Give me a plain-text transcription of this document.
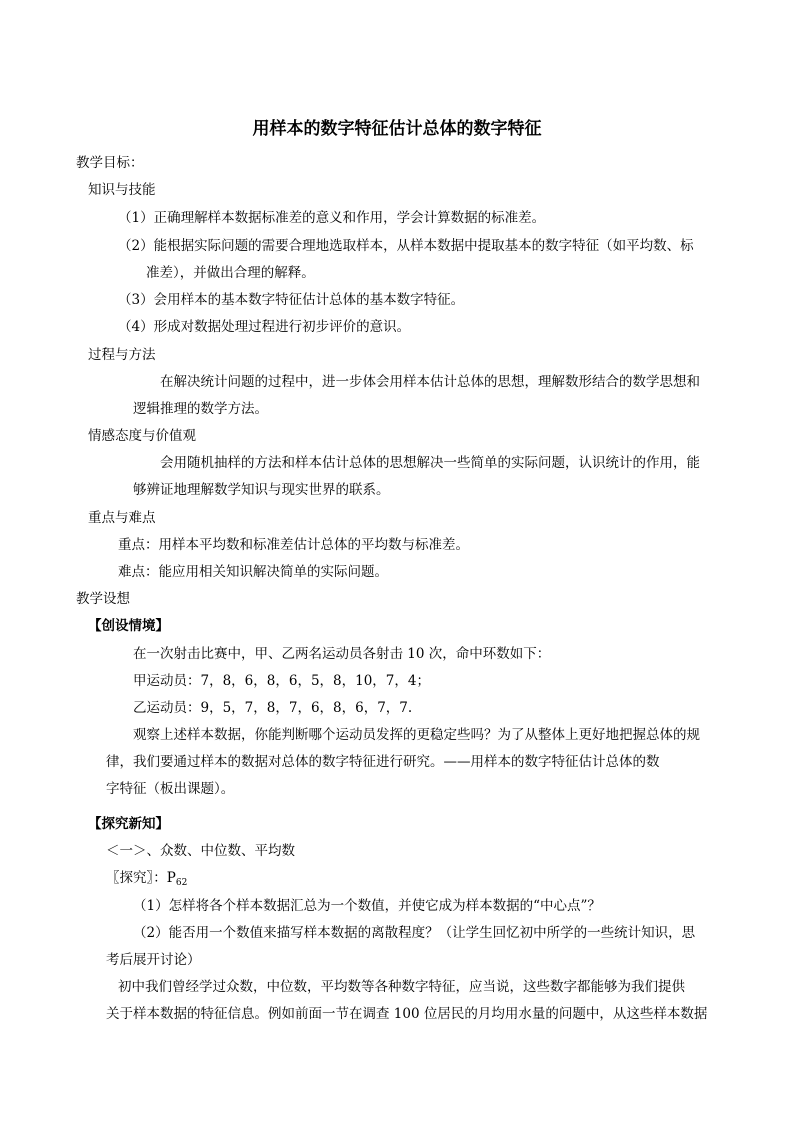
用样本的数字特征估计总体的数字特征
教学目标：
知识与技能
（1）正确理解样本数据标准差的意义和作用，学会计算数据的标准差。
（2）能根据实际问题的需要合理地选取样本，从样本数据中提取基本的数字特征（如平均数、标
准差），并做出合理的解释。
（3）会用样本的基本数字特征估计总体的基本数字特征。
（4）形成对数据处理过程进行初步评价的意识。
过程与方法
在解决统计问题的过程中，进一步体会用样本估计总体的思想，理解数形结合的数学思想和
逻辑推理的数学方法。
情感态度与价值观
会用随机抽样的方法和样本估计总体的思想解决一些简单的实际问题，认识统计的作用，能
够辨证地理解数学知识与现实世界的联系。
重点与难点
重点：用样本平均数和标准差估计总体的平均数与标准差。
难点：能应用相关知识解决简单的实际问题。
教学设想
【创设情境】
在一次射击比赛中，甲、乙两名运动员各射击 10 次，命中环数如下：
甲运动员：7，8，6，8，6，5，8，10，7，4；
乙运动员：9，5，7，8，7，6，8，6，7，7.
观察上述样本数据，你能判断哪个运动员发挥的更稳定些吗？为了从整体上更好地把握总体的规
律，我们要通过样本的数据对总体的数字特征进行研究。——用样本的数字特征估计总体的数
字特征（板出课题）。
【探究新知】
＜一＞、众数、中位数、平均数
〖探究〗：$P_{62}$
（1）怎样将各个样本数据汇总为一个数值，并使它成为样本数据的“中心点”？
（2）能否用一个数值来描写样本数据的离散程度？（让学生回忆初中所学的一些统计知识，思
考后展开讨论）
初中我们曾经学过众数，中位数，平均数等各种数字特征，应当说，这些数字都能够为我们提供
关于样本数据的特征信息。例如前面一节在调查 100 位居民的月均用水量的问题中，从这些样本数据
